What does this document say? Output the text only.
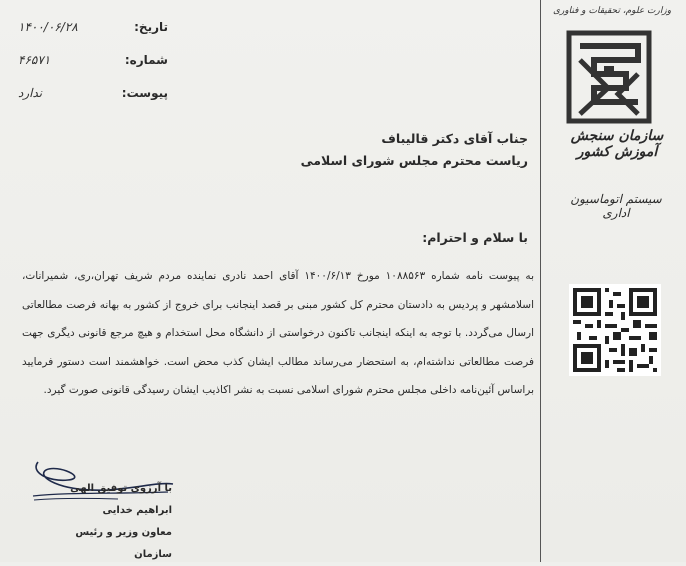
تاریخ:
۱۴۰۰/۰۶/۲۸
شماره:
۴۶۵۷۱
پیوست:
ندارد
وزارت علوم، تحقیقات و فناوری
سازمان سنجش آموزش کشور
سیستم اتوماسیون اداری
جناب آقای دکتر قالیباف
ریاست محترم مجلس شورای اسلامی
با سلام و احترام:
به پیوست نامه شماره ۱۰۸۸۵۶۳ مورخ ۱۴۰۰/۶/۱۳ آقای احمد نادری نماینده مردم شریف تهران،ری، شمیرانات، اسلامشهر و پردیس به دادستان محترم کل کشور مبنی بر قصد اینجانب برای خروج از کشور به بهانه فرصت مطالعاتی ارسال می‌گردد. با توجه به اینکه اینجانب تاکنون درخواستی از دانشگاه محل استخدام و هیچ مرجع قانونی دیگری جهت فرصت مطالعاتی نداشته‌ام، به استحضار می‌رساند مطالب ایشان کذب محض است. خواهشمند است دستور فرمایید براساس آئین‌نامه داخلی مجلس محترم شورای اسلامی نسبت به نشر اکاذیب ایشان رسیدگی قانونی صورت گیرد.
با آرزوی توفیق الهی
ابراهیم خدایی
معاون وزیر و رئیس سازمان
